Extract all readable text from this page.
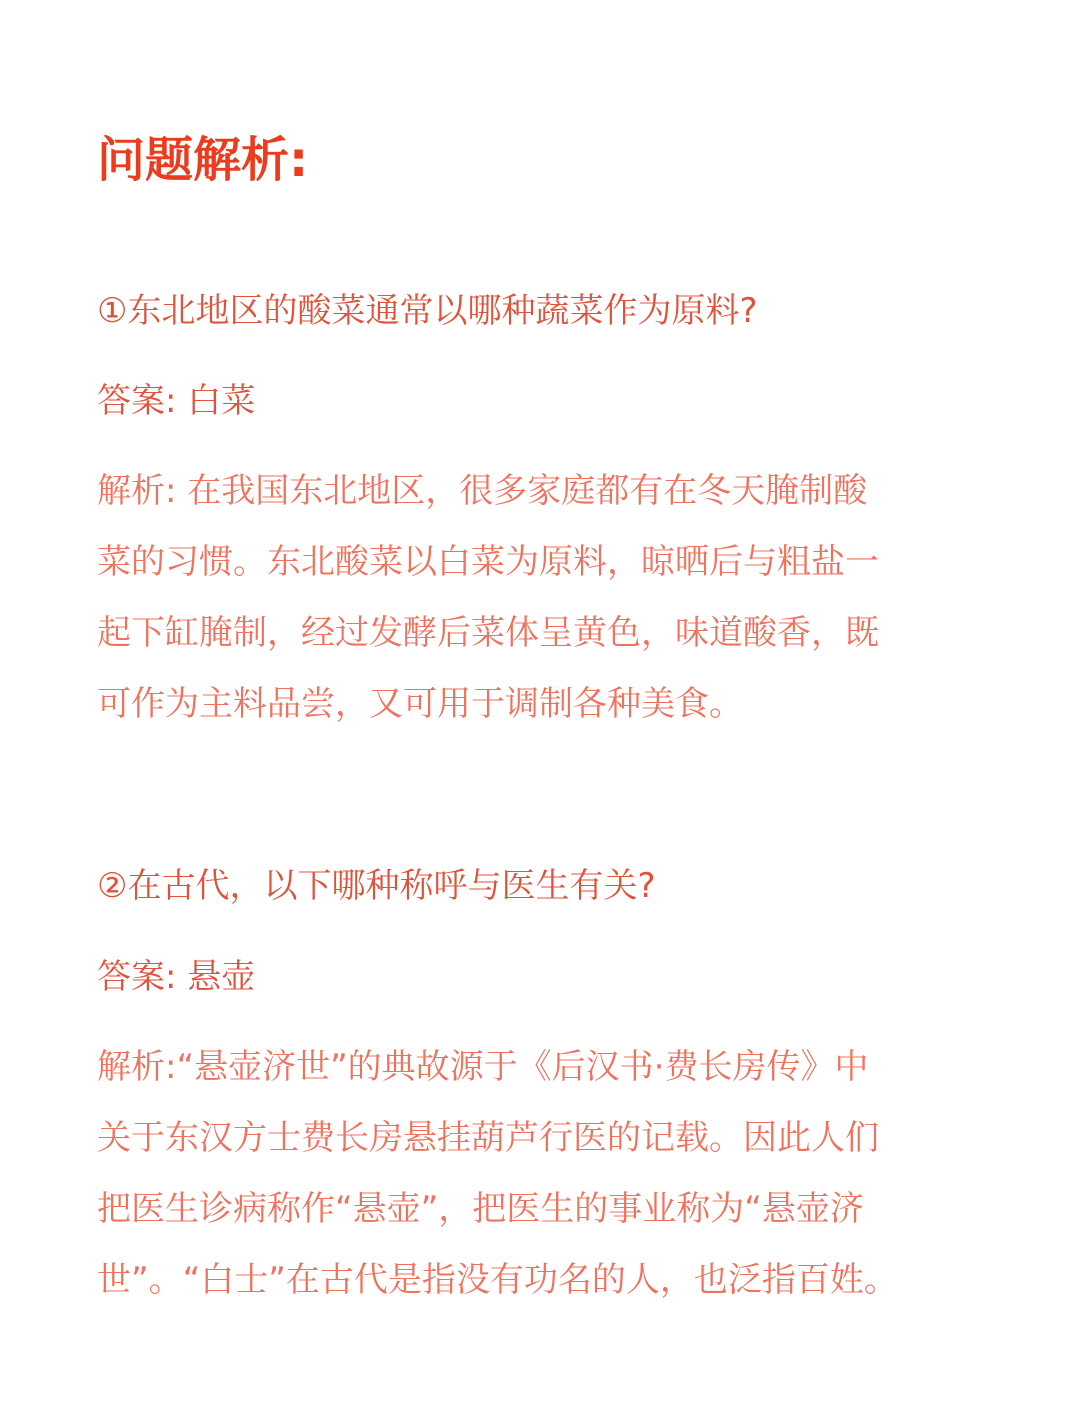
问题解析:

①东北地区的酸菜通常以哪种蔬菜作为原料?

答案: 白菜

解析: 在我国东北地区，很多家庭都有在冬天腌制酸
菜的习惯。东北酸菜以白菜为原料，晾晒后与粗盐一
起下缸腌制，经过发酵后菜体呈黄色，味道酸香，既
可作为主料品尝，又可用于调制各种美食。

②在古代，以下哪种称呼与医生有关?

答案: 悬壶

解析:“悬壶济世”的典故源于《后汉书·费长房传》中
关于东汉方士费长房悬挂葫芦行医的记载。因此人们
把医生诊病称作“悬壶”，把医生的事业称为“悬壶济
世”。“白士”在古代是指没有功名的人，也泛指百姓。
